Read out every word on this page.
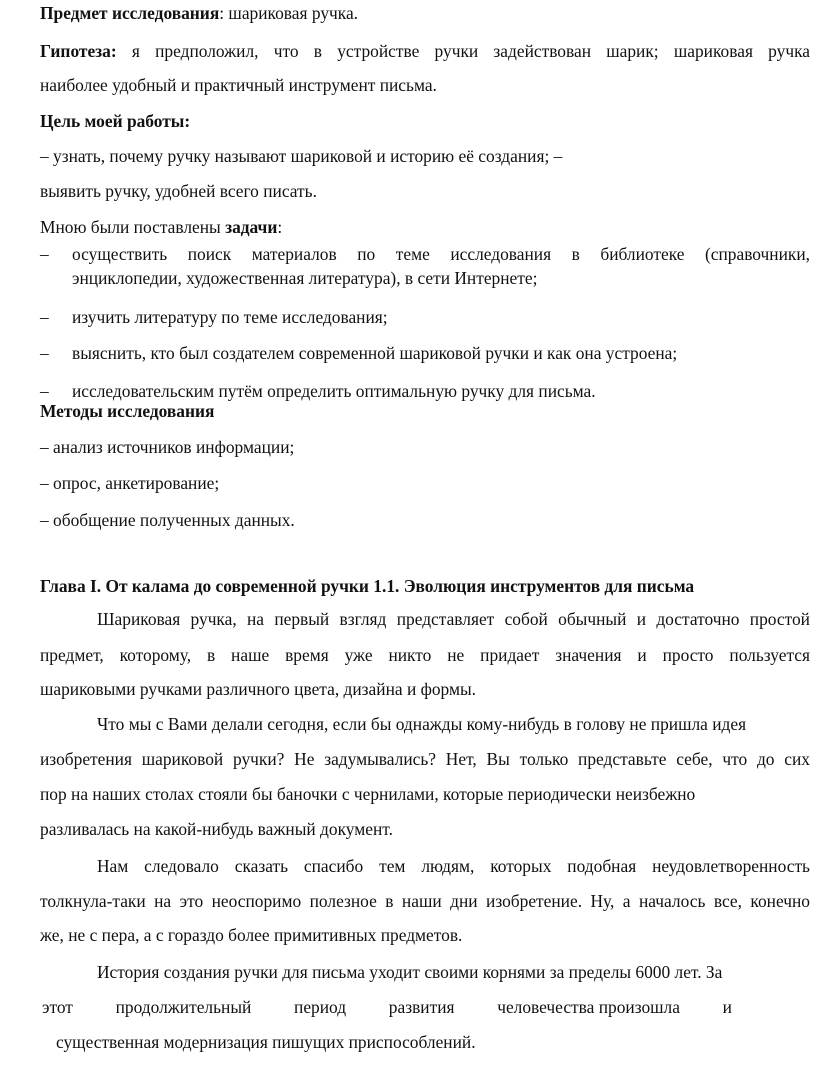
Предмет исследования: шариковая ручка.
Гипотеза: я предположил, что в устройстве ручки задействован шарик; шариковая ручка
наиболее удобный и практичный инструмент письма.
Цель моей работы:
– узнать, почему ручку называют шариковой и историю её создания; –
выявить ручку, удобней всего писать.
Мною были поставлены задачи:
– осуществить поиск материалов по теме исследования в библиотеке (справочники,
энциклопедии, художественная литература), в сети Интернете;
– изучить литературу по теме исследования;
– выяснить, кто был создателем современной шариковой ручки и как она устроена;
– исследовательским путём определить оптимальную ручку для письма.
Методы исследования
– анализ источников информации;
– опрос, анкетирование;
– обобщение полученных данных.
Глава I. От калама до современной ручки 1.1. Эволюция инструментов для письма
Шариковая ручка, на первый взгляд представляет собой обычный и достаточно простой
предмет, которому, в наше время уже никто не придает значения и просто пользуется
шариковыми ручками различного цвета, дизайна и формы.
Что мы с Вами делали сегодня, если бы однажды кому-нибудь в голову не пришла идея
изобретения шариковой ручки? Не задумывались? Нет, Вы только представьте себе, что до сих
пор на наших столах стояли бы баночки с чернилами, которые периодически неизбежно
разливалась на какой-нибудь важный документ.
Нам следовало сказать спасибо тем людям, которых подобная неудовлетворенность
толкнула-таки на это неоспоримо полезное в наши дни изобретение. Ну, а началось все, конечно
же, не с пера, а с гораздо более примитивных предметов.
История создания ручки для письма уходит своими корнями за пределы 6000 лет. За
этот продолжительный период развития человечества произошла и
существенная модернизация пишущих приспособлений.
